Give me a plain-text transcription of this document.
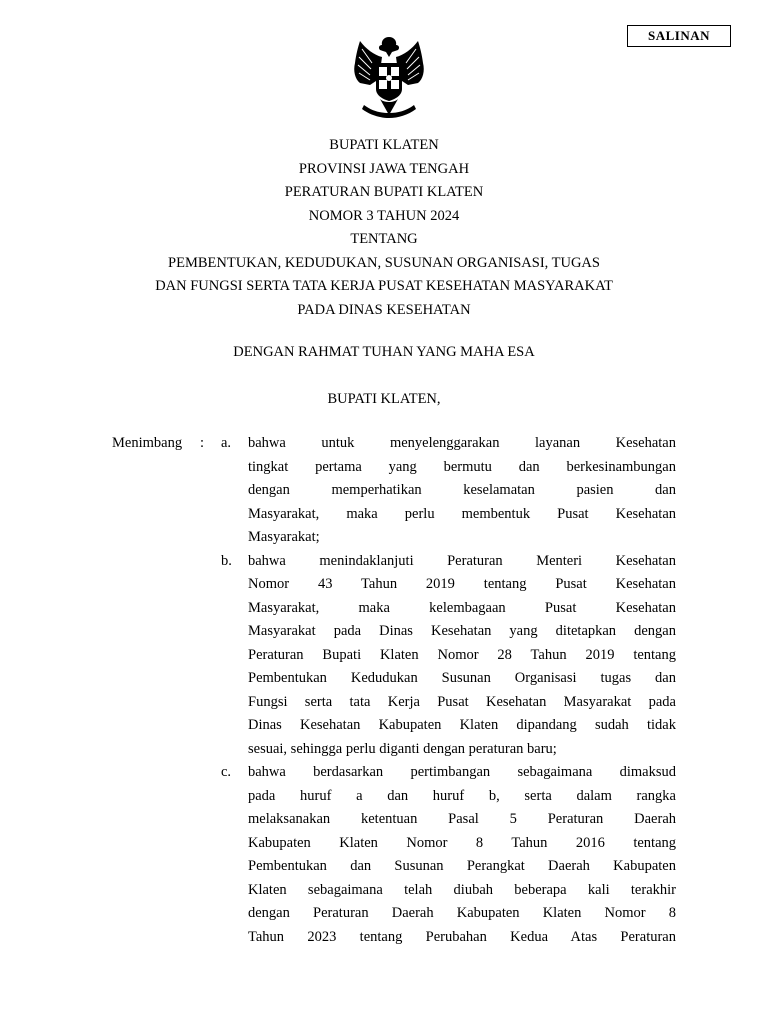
SALINAN
BUPATI KLATEN
PROVINSI JAWA TENGAH
PERATURAN BUPATI KLATEN
NOMOR 3 TAHUN 2024
TENTANG
PEMBENTUKAN, KEDUDUKAN, SUSUNAN ORGANISASI, TUGAS
DAN FUNGSI SERTA TATA KERJA PUSAT KESEHATAN MASYARAKAT
PADA DINAS KESEHATAN
DENGAN RAHMAT TUHAN YANG MAHA ESA
BUPATI KLATEN,
Menimbang : a. bahwa untuk menyelenggarakan layanan Kesehatan
tingkat pertama yang bermutu dan berkesinambungan
dengan memperhatikan keselamatan pasien dan
Masyarakat, maka perlu membentuk Pusat Kesehatan
Masyarakat;
b. bahwa menindaklanjuti Peraturan Menteri Kesehatan
Nomor 43 Tahun 2019 tentang Pusat Kesehatan
Masyarakat, maka kelembagaan Pusat Kesehatan
Masyarakat pada Dinas Kesehatan yang ditetapkan dengan
Peraturan Bupati Klaten Nomor 28 Tahun 2019 tentang
Pembentukan Kedudukan Susunan Organisasi tugas dan
Fungsi serta tata Kerja Pusat Kesehatan Masyarakat pada
Dinas Kesehatan Kabupaten Klaten dipandang sudah tidak
sesuai, sehingga perlu diganti dengan peraturan baru;
c. bahwa berdasarkan pertimbangan sebagaimana dimaksud
pada huruf a dan huruf b, serta dalam rangka
melaksanakan ketentuan Pasal 5 Peraturan Daerah
Kabupaten Klaten Nomor 8 Tahun 2016 tentang
Pembentukan dan Susunan Perangkat Daerah Kabupaten
Klaten sebagaimana telah diubah beberapa kali terakhir
dengan Peraturan Daerah Kabupaten Klaten Nomor 8
Tahun 2023 tentang Perubahan Kedua Atas Peraturan
